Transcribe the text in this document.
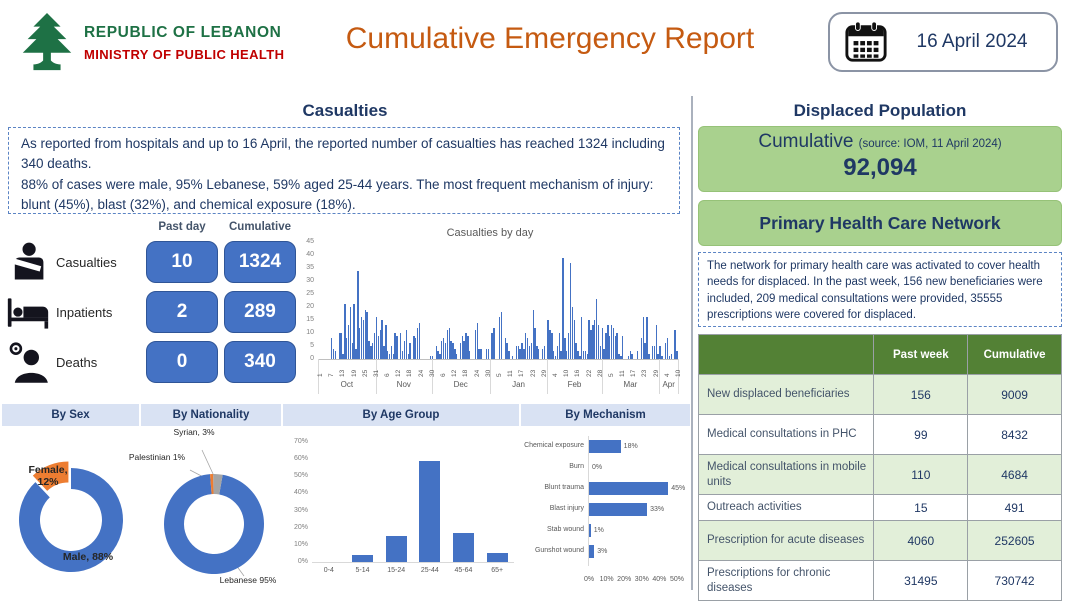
REPUBLIC OF LEBANON
MINISTRY OF PUBLIC HEALTH	Cumulative Emergency Report	16 April 2024
Casualties
As reported from hospitals and up to 16 April, the reported number of casualties has reached 1324 including 340 deaths.
88% of cases were male, 95% Lebanese, 59% aged 25-44 years. The most frequent mechanism of injury: blunt (45%), blast (32%), and chemical exposure (18%).
Past day	Cumulative
Casualties	10	1324
Inpatients	2	289
Deaths	0	340
Casualties by day
0
5
10
15
20
25
30
35
40
45
Oct	Nov	Dec	Jan	Feb	Mar	Apr
1 7 13 19 25 31 6 12 18 24 30 6 12 18 24 30 5 11 17 23 29 4 10 16 22 28 5 11 17 23 29 4 10
By Sex	By Nationality	By Age Group	By Mechanism
Female, 12%
Male, 88%
Syrian, 3%
Palestinian 1%
Lebanese 95%
0%
10%
20%
30%
40%
50%
60%
70%
0-4	5-14	15-24	25-44	45-64	65+
Chemical exposure	18%
Burn 0%
Blunt trauma	45%
Blast injury	33%
Stab wound 1%
Gunshot wound 3%
0% 10% 20% 30% 40% 50%
Displaced Population
Cumulative (source: IOM, 11 April 2024)
92,094
Primary Health Care Network
The network for primary health care was activated to cover health needs for displaced. In the past week, 156 new beneficiaries were included, 209 medical consultations were provided, 35555 prescriptions were covered for displaced.
	Past week	Cumulative
New displaced beneficiaries	156	9009
Medical consultations in PHC	99	8432
Medical consultations in mobile units	110	4684
Outreach activities	15	491
Prescription for acute diseases	4060	252605
Prescriptions for chronic diseases	31495	730742
